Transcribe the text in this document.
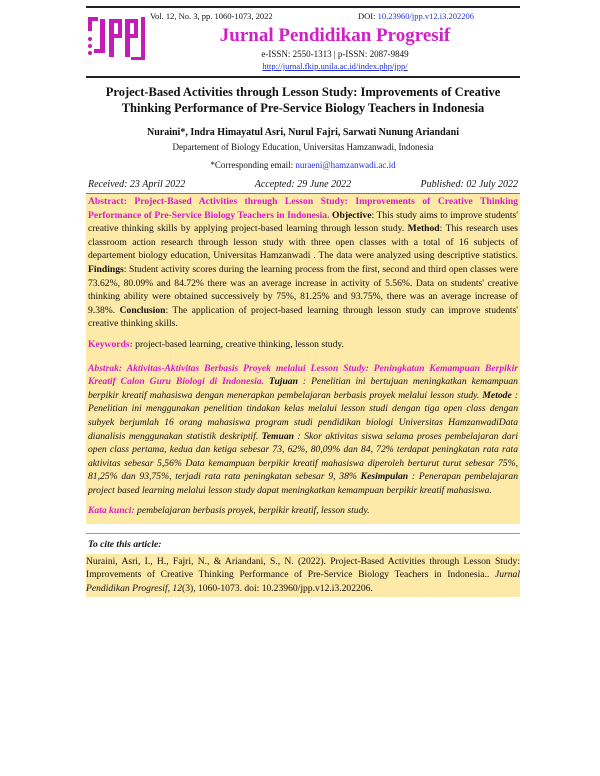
Vol. 12, No. 3, pp. 1060-1073, 2022	DOI: 10.23960/jpp.v12.i3.202206
Jurnal Pendidikan Progresif
e-ISSN: 2550-1313 | p-ISSN: 2087-9849
http://jurnal.fkip.unila.ac.id/index.php/jpp/
Project-Based Activities through Lesson Study: Improvements of Creative Thinking Performance of Pre-Service Biology Teachers in Indonesia
Nuraini*, Indra Himayatul Asri, Nurul Fajri, Sarwati Nunung Ariandani
Departement of Biology Education, Universitas Hamzanwadi, Indonesia
*Corresponding email: nuraeni@hamzanwadi.ac.id
Received: 23 April 2022	Accepted: 29 June 2022	Published: 02 July 2022
Abstract: Project-Based Activities through Lesson Study: Improvements of Creative Thinking Performance of Pre-Service Biology Teachers in Indonesia. Objective: This study aims to improve students' creative thinking skills by applying project-based learning through lesson study. Method: This research uses classroom action research through lesson study with three open classes with a total of 16 subjects of departement biology education, Universitas Hamzanwadi . The data were analyzed using descriptive statistics. Findings: Student activity scores during the learning process from the first, second and third open classes were 73.62%, 80.09% and 84.72% there was an average increase in activity of 5.56%. Data on students' creative thinking ability were obtained successively by 75%, 81.25% and 93.75%, there was an average increase of 9.38%. Conclusion: The application of project-based learning through lesson study can improve students' creative thinking skills.
Keywords: project-based learning, creative thinking, lesson study.
Abstrak: Aktivitas-Aktivitas Berbasis Proyek melalui Lesson Study: Peningkatan Kemampuan Berpikir Kreatif Calon Guru Biologi di Indonesia. Tujuan : Penelitian ini bertujuan meningkatkan kemampuan berpikir kreatif mahasiswa dengan menerapkan pembelajaran berbasis proyek melalui lesson study. Metode : Penelitian ini menggunakan penelitian tindakan kelas melalui lesson studi dengan tiga open class dengan subyek berjumlah 16 orang mahasiswa program studi pendidikan biologi Universitas HamzanwadiData dianalisis menggunakan statistik deskriptif. Temuan : Skor aktivitas siswa selama proses pembelajaran dari open class pertama, kedua dan ketiga sebesar 73, 62%, 80,09% dan 84, 72% terdapat peningkatan rata rata aktivitas sebesar 5,56% Data kemampuan berpikir kreatif mahasiswa diperoleh berturut turut sebesar 75%, 81,25% dan 93,75%, terjadi rata rata peningkatan sebesar 9, 38% Kesimpulan : Penerapan pembelajaran project based learning melalui lesson study dapat meningkatkan kemampuan berpikir kreatif mahasiswa.
Kata kunci: pembelajaran berbasis proyek, berpikir kreatif, lesson study.
To cite this article:
Nuraini, Asri, I., H., Fajri, N., & Ariandani, S., N. (2022). Project-Based Activities through Lesson Study: Improvements of Creative Thinking Performance of Pre-Service Biology Teachers in Indonesia.. Jurnal Pendidikan Progresif, 12(3), 1060-1073. doi: 10.23960/jpp.v12.i3.202206.
